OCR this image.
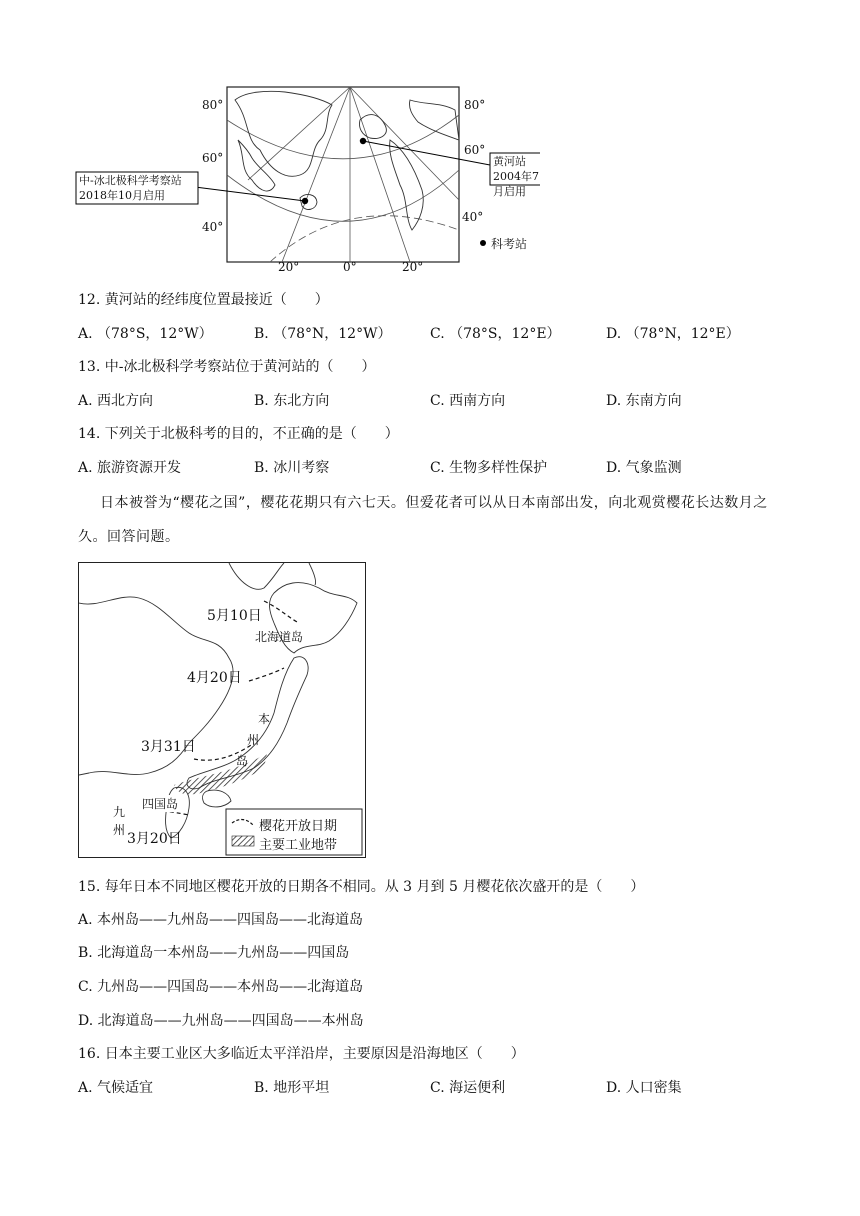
80°
60°
40°
80°
60°
40°
20°	0°	20°
中-冰北极科学考察站
2018年10月启用
黄河站
2004年7月启用
科考站
12. 黄河站的经纬度位置最接近（　　）
A. （78°S，12°W）	B. （78°N，12°W）	C. （78°S，12°E）	D. （78°N，12°E）
13. 中-冰北极科学考察站位于黄河站的（　　）
A. 西北方向	B. 东北方向	C. 西南方向	D. 东南方向
14. 下列关于北极科考的目的，不正确的是（　　）
A. 旅游资源开发	B. 冰川考察	C. 生物多样性保护	D. 气象监测
日本被誉为“樱花之国”，樱花花期只有六七天。但爱花者可以从日本南部出发，向北观赏樱花长达数月之久。回答问题。
5月10日
北海道岛
4月20日
本
州
岛
3月31日
四国岛
九
州
3月20日
樱花开放日期
主要工业地带
15. 每年日本不同地区樱花开放的日期各不相同。从 3 月到 5 月樱花依次盛开的是（　　）
A. 本州岛——九州岛——四国岛——北海道岛
B. 北海道岛一本州岛——九州岛——四国岛
C. 九州岛——四国岛——本州岛——北海道岛
D. 北海道岛——九州岛——四国岛——本州岛
16. 日本主要工业区大多临近太平洋沿岸，主要原因是沿海地区（　　）
A. 气候适宜	B. 地形平坦	C. 海运便利	D. 人口密集
